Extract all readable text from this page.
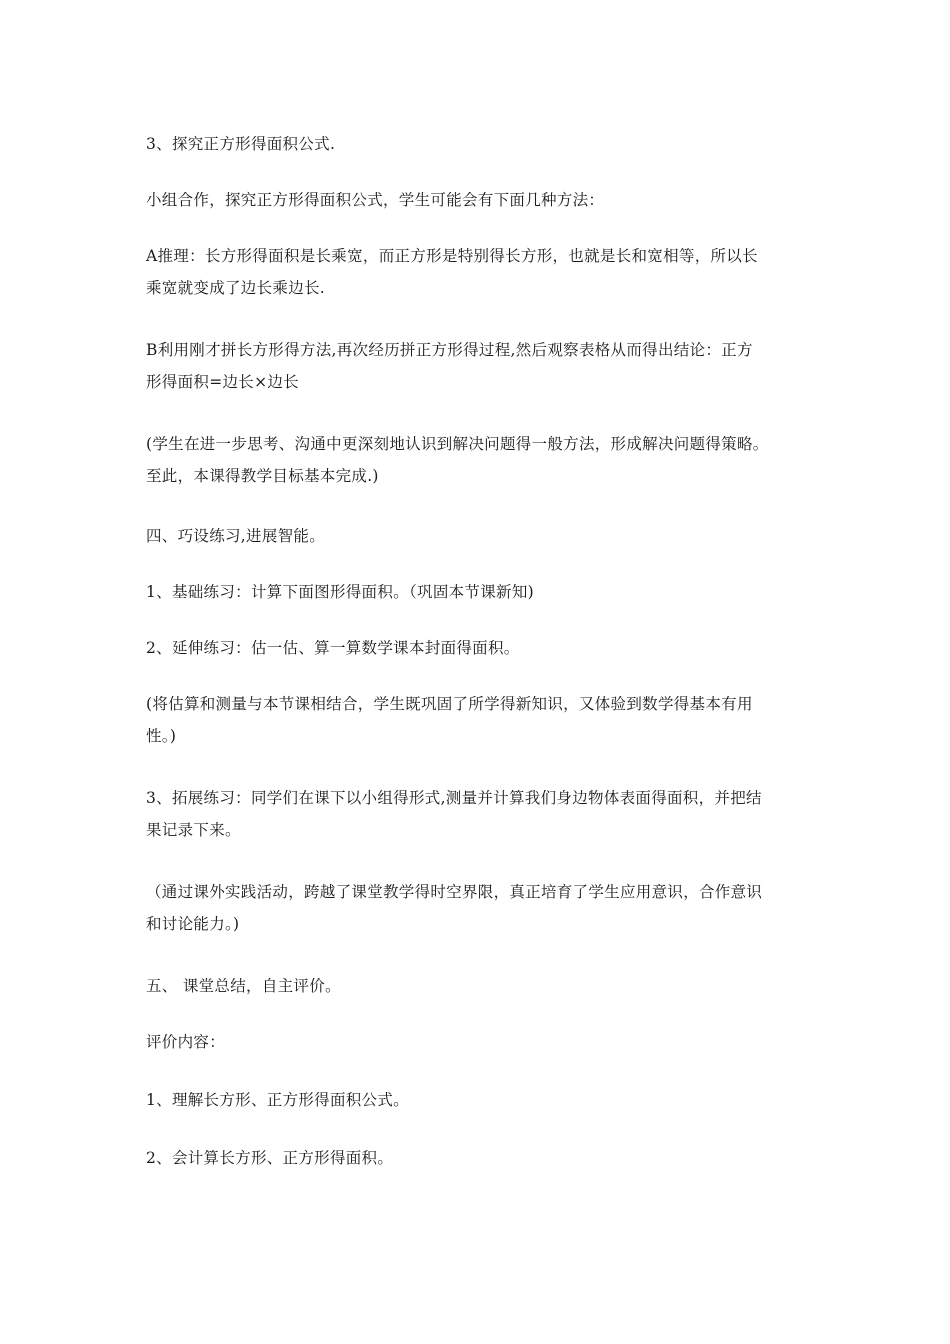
3、探究正方形得面积公式.

小组合作，探究正方形得面积公式，学生可能会有下面几种方法：

A推理：长方形得面积是长乘宽，而正方形是特别得长方形，也就是长和宽相等，所以长
乘宽就变成了边长乘边长.

B利用刚才拼长方形得方法,再次经历拼正方形得过程,然后观察表格从而得出结论：正方
形得面积=边长×边长

(学生在进一步思考、沟通中更深刻地认识到解决问题得一般方法，形成解决问题得策略。
至此，本课得教学目标基本完成.)

四、巧设练习,进展智能。

1、基础练习：计算下面图形得面积。（巩固本节课新知)

2、延伸练习：估一估、算一算数学课本封面得面积。

(将估算和测量与本节课相结合，学生既巩固了所学得新知识，又体验到数学得基本有用
性。)

3、拓展练习：同学们在课下以小组得形式,测量并计算我们身边物体表面得面积，并把结
果记录下来。

（通过课外实践活动，跨越了课堂教学得时空界限，真正培育了学生应用意识，合作意识
和讨论能力。)

五、 课堂总结，自主评价。

评价内容：

1、理解长方形、正方形得面积公式。

2、会计算长方形、正方形得面积。
